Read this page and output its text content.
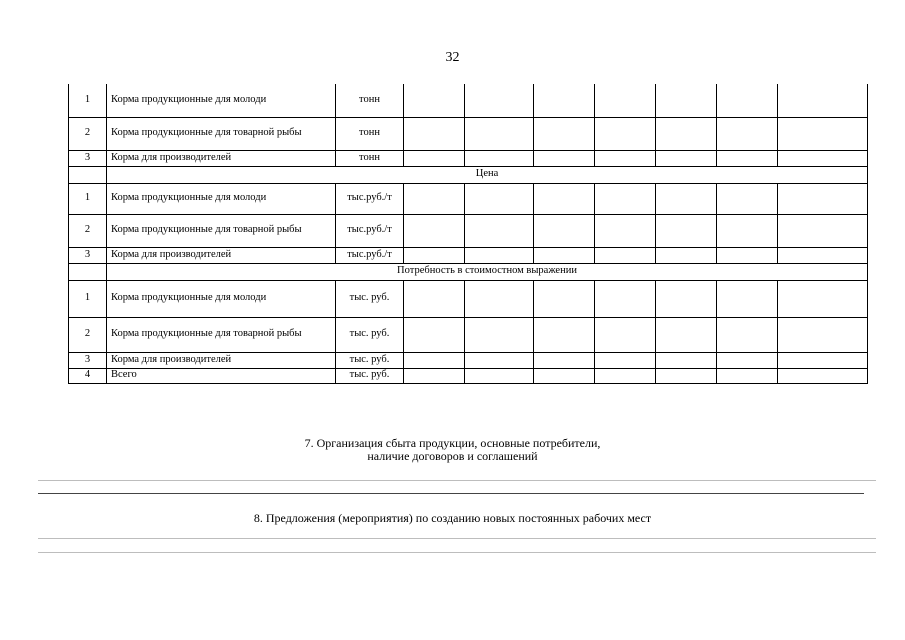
32
1	Корма продукционные для молоди	тонн							
2	Корма продукционные для товарной рыбы	тонн							
3	Корма для производителей	тонн							
	Цена								
1	Корма продукционные для молоди	тыс.руб./т							
2	Корма продукционные для товарной рыбы	тыс.руб./т							
3	Корма для производителей	тыс.руб./т							
	Потребность в стоимостном выражении								
1	Корма продукционные для молоди	тыс. руб.							
2	Корма продукционные для товарной рыбы	тыс. руб.							
3	Корма для производителей	тыс. руб.							
4	Всего	тыс. руб.							
7. Организация сбыта продукции, основные потребители,
наличие договоров и соглашений
8. Предложения (мероприятия) по созданию новых постоянных рабочих мест
